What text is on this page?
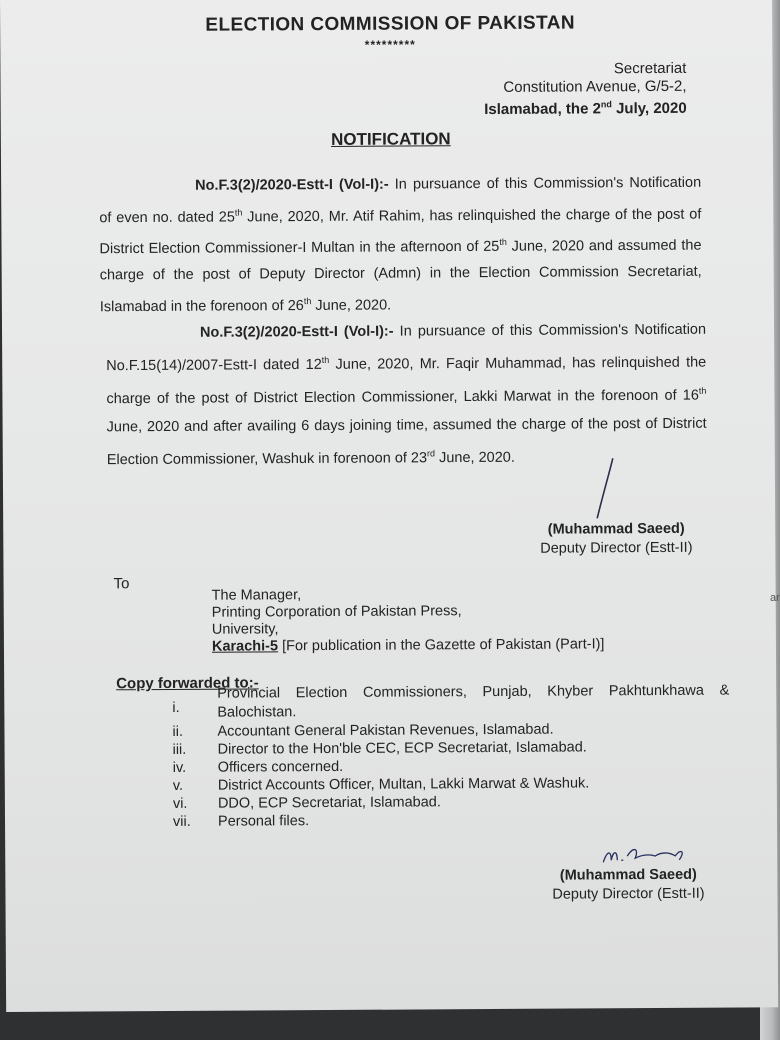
ELECTION COMMISSION OF PAKISTAN
*********
Secretariat
Constitution Avenue, G/5-2,
Islamabad, the 2nd July, 2020
NOTIFICATION
No.F.3(2)/2020-Estt-I (Vol-I):- In pursuance of this Commission's Notification of even no. dated 25th June, 2020, Mr. Atif Rahim, has relinquished the charge of the post of District Election Commissioner-I Multan in the afternoon of 25th June, 2020 and assumed the charge of the post of Deputy Director (Admn) in the Election Commission Secretariat, Islamabad in the forenoon of 26th June, 2020.
No.F.3(2)/2020-Estt-I (Vol-I):- In pursuance of this Commission's Notification No.F.15(14)/2007-Estt-I dated 12th June, 2020, Mr. Faqir Muhammad, has relinquished the charge of the post of District Election Commissioner, Lakki Marwat in the forenoon of 16th June, 2020 and after availing 6 days joining time, assumed the charge of the post of District Election Commissioner, Washuk in forenoon of 23rd June, 2020.
(Muhammad Saeed)
Deputy Director (Estt-II)
To
The Manager,
Printing Corporation of Pakistan Press,
University,
Karachi-5 [For publication in the Gazette of Pakistan (Part-I)]
Copy forwarded to:-
i.
Provincial Election Commissioners, Punjab, Khyber Pakhtunkhawa & Balochistan.
ii.	Accountant General Pakistan Revenues, Islamabad.
iii.	Director to the Hon'ble CEC, ECP Secretariat, Islamabad.
iv.	Officers concerned.
v.	District Accounts Officer, Multan, Lakki Marwat & Washuk.
vi.	DDO, ECP Secretariat, Islamabad.
vii.	Personal files.
(Muhammad Saeed)
Deputy Director (Estt-II)
ar
